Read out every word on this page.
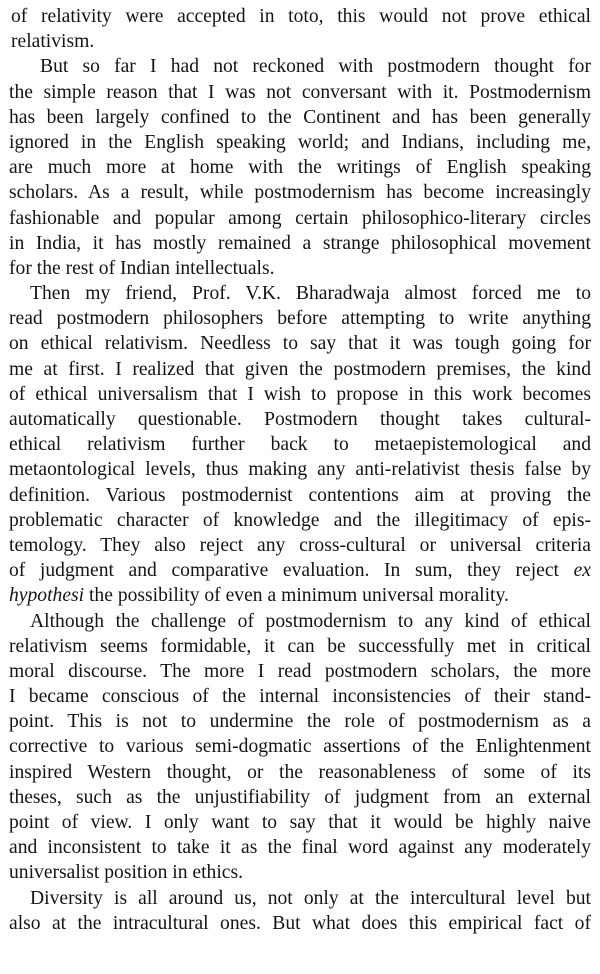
of relativity were accepted in toto, this would not prove ethical
relativism.

But so far I had not reckoned with postmodern thought for
the simple reason that I was not conversant with it. Postmodernism
has been largely confined to the Continent and has been generally
ignored in the English speaking world; and Indians, including me,
are much more at home with the writings of English speaking
scholars. As a result, while postmodernism has become increasingly
fashionable and popular among certain philosophico-literary circles
in India, it has mostly remained a strange philosophical movement
for the rest of Indian intellectuals.

Then my friend, Prof. V.K. Bharadwaja almost forced me to
read postmodern philosophers before attempting to write anything
on ethical relativism. Needless to say that it was tough going for
me at first. I realized that given the postmodern premises, the kind
of ethical universalism that I wish to propose in this work becomes
automatically questionable. Postmodern thought takes cultural-
ethical relativism further back to metaepistemological and
metaontological levels, thus making any anti-relativist thesis false by
definition. Various postmodernist contentions aim at proving the
problematic character of knowledge and the illegitimacy of epis-
temology. They also reject any cross-cultural or universal criteria
of judgment and comparative evaluation. In sum, they reject ex
hypothesi the possibility of even a minimum universal morality.

Although the challenge of postmodernism to any kind of ethical
relativism seems formidable, it can be successfully met in critical
moral discourse. The more I read postmodern scholars, the more
I became conscious of the internal inconsistencies of their stand-
point. This is not to undermine the role of postmodernism as a
corrective to various semi-dogmatic assertions of the Enlightenment
inspired Western thought, or the reasonableness of some of its
theses, such as the unjustifiability of judgment from an external
point of view. I only want to say that it would be highly naive
and inconsistent to take it as the final word against any moderately
universalist position in ethics.

Diversity is all around us, not only at the intercultural level but
also at the intracultural ones. But what does this empirical fact of
